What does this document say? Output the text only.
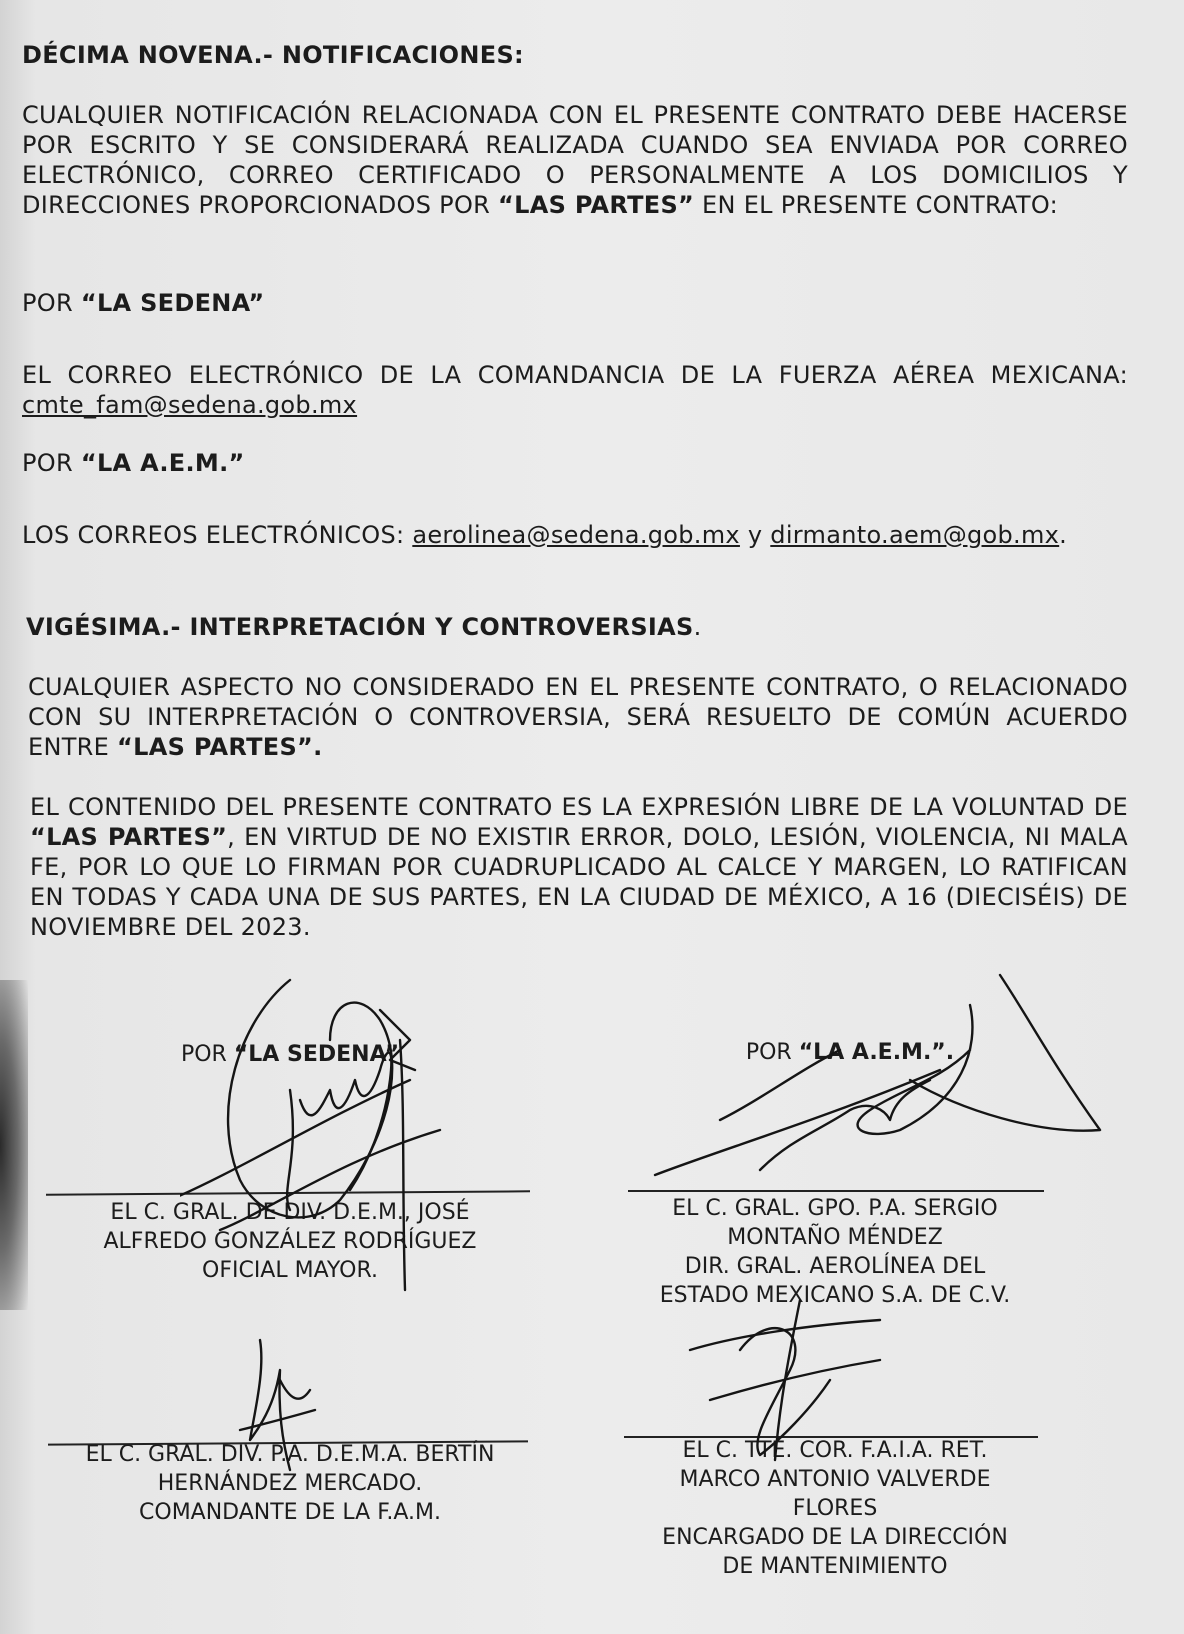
DÉCIMA NOVENA.- NOTIFICACIONES:
CUALQUIER NOTIFICACIÓN RELACIONADA CON EL PRESENTE CONTRATO DEBE HACERSE POR ESCRITO Y SE CONSIDERARÁ REALIZADA CUANDO SEA ENVIADA POR CORREO ELECTRÓNICO, CORREO CERTIFICADO O PERSONALMENTE A LOS DOMICILIOS Y DIRECCIONES PROPORCIONADOS POR “LAS PARTES” EN EL PRESENTE CONTRATO:
POR “LA SEDENA”
EL CORREO ELECTRÓNICO DE LA COMANDANCIA DE LA FUERZA AÉREA MEXICANA: cmte_fam@sedena.gob.mx
POR “LA A.E.M.”
LOS CORREOS ELECTRÓNICOS: aerolinea@sedena.gob.mx y dirmanto.aem@gob.mx.
VIGÉSIMA.- INTERPRETACIÓN Y CONTROVERSIAS.
CUALQUIER ASPECTO NO CONSIDERADO EN EL PRESENTE CONTRATO, O RELACIONADO CON SU INTERPRETACIÓN O CONTROVERSIA, SERÁ RESUELTO DE COMÚN ACUERDO ENTRE “LAS PARTES”.
EL CONTENIDO DEL PRESENTE CONTRATO ES LA EXPRESIÓN LIBRE DE LA VOLUNTAD DE “LAS PARTES”, EN VIRTUD DE NO EXISTIR ERROR, DOLO, LESIÓN, VIOLENCIA, NI MALA FE, POR LO QUE LO FIRMAN POR CUADRUPLICADO AL CALCE Y MARGEN, LO RATIFICAN EN TODAS Y CADA UNA DE SUS PARTES, EN LA CIUDAD DE MÉXICO, A 16 (DIECISÉIS) DE NOVIEMBRE DEL 2023.
POR “LA SEDENA”	POR “LA A.E.M.”.
EL C. GRAL. DE DIV. D.E.M., JOSÉ
ALFREDO GONZÁLEZ RODRÍGUEZ
OFICIAL MAYOR.
EL C. GRAL. GPO. P.A. SERGIO
MONTAÑO MÉNDEZ
DIR. GRAL. AEROLÍNEA DEL
ESTADO MEXICANO S.A. DE C.V.
EL C. GRAL. DIV. P.A. D.E.M.A. BERTÍN
HERNÁNDEZ MERCADO.
COMANDANTE DE LA F.A.M.
EL C. TTE. COR. F.A.I.A. RET.
MARCO ANTONIO VALVERDE
FLORES
ENCARGADO DE LA DIRECCIÓN
DE MANTENIMIENTO
